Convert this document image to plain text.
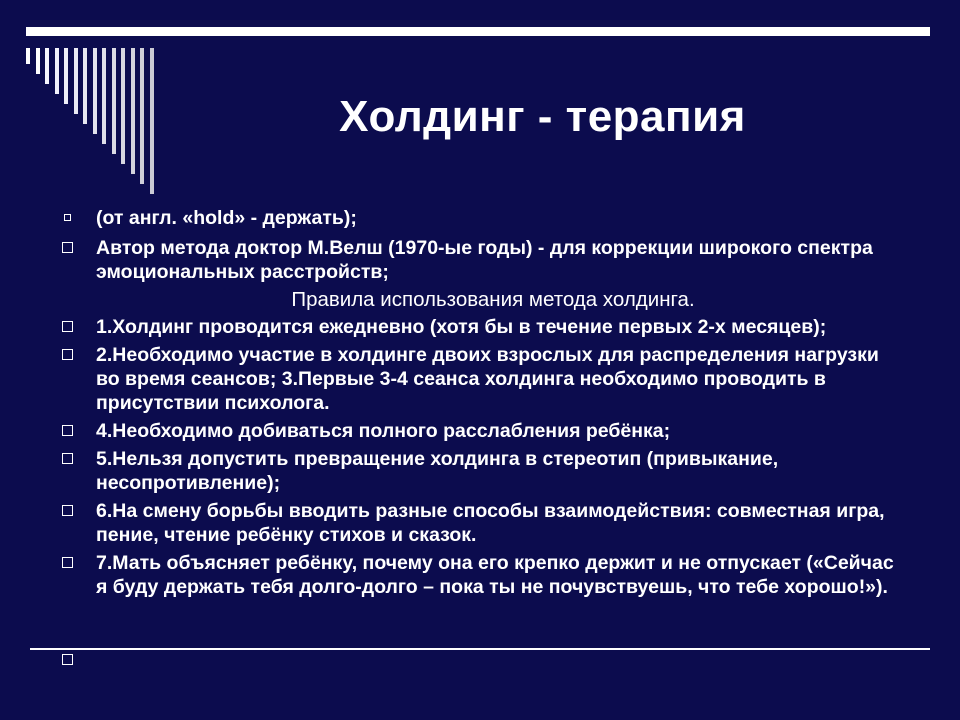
Холдинг - терапия
(от англ. «hold» - держать);
Автор метода доктор М.Велш (1970-ые годы) - для коррекции широкого спектра эмоциональных расстройств;
Правила использования метода холдинга.
1.Холдинг проводится ежедневно (хотя бы в течение первых 2-х месяцев);
2.Необходимо участие в холдинге двоих взрослых для распределения нагрузки во время сеансов; 3.Первые 3-4 сеанса холдинга необходимо проводить в присутствии психолога.
4.Необходимо добиваться полного расслабления ребёнка;
5.Нельзя допустить превращение холдинга в стереотип (привыкание, несопротивление);
6.На смену борьбы вводить разные способы взаимодействия: совместная игра, пение, чтение ребёнку стихов и сказок.
7.Мать объясняет ребёнку, почему она его крепко держит и не отпускает («Сейчас я буду держать тебя долго-долго – пока ты не почувствуешь, что тебе хорошо!»).
